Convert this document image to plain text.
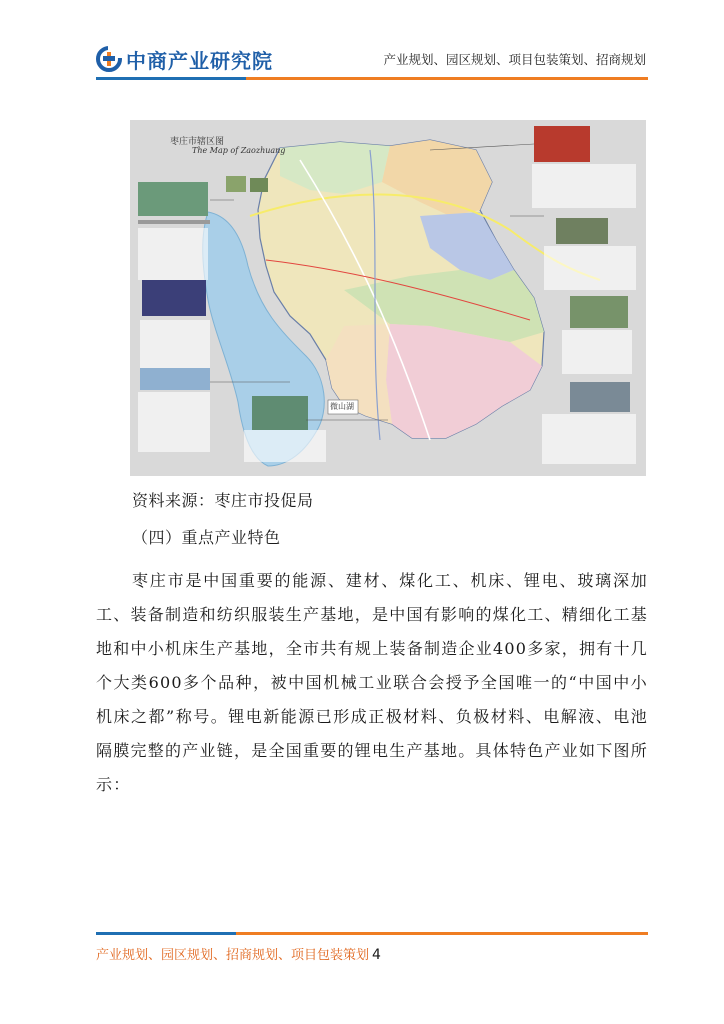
中商产业研究院	产业规划、园区规划、项目包装策划、招商规划
枣庄市辖区图
The Map of Zaozhuang
微山湖
资料来源：枣庄市投促局
（四）重点产业特色
枣庄市是中国重要的能源、建材、煤化工、机床、锂电、玻璃深加工、装备制造和纺织服装生产基地，是中国有影响的煤化工、精细化工基地和中小机床生产基地，全市共有规上装备制造企业400多家，拥有十几个大类600多个品种，被中国机械工业联合会授予全国唯一的“中国中小机床之都”称号。锂电新能源已形成正极材料、负极材料、电解液、电池隔膜完整的产业链，是全国重要的锂电生产基地。具体特色产业如下图所示：
产业规划、园区规划、招商规划、项目包装策划 4
